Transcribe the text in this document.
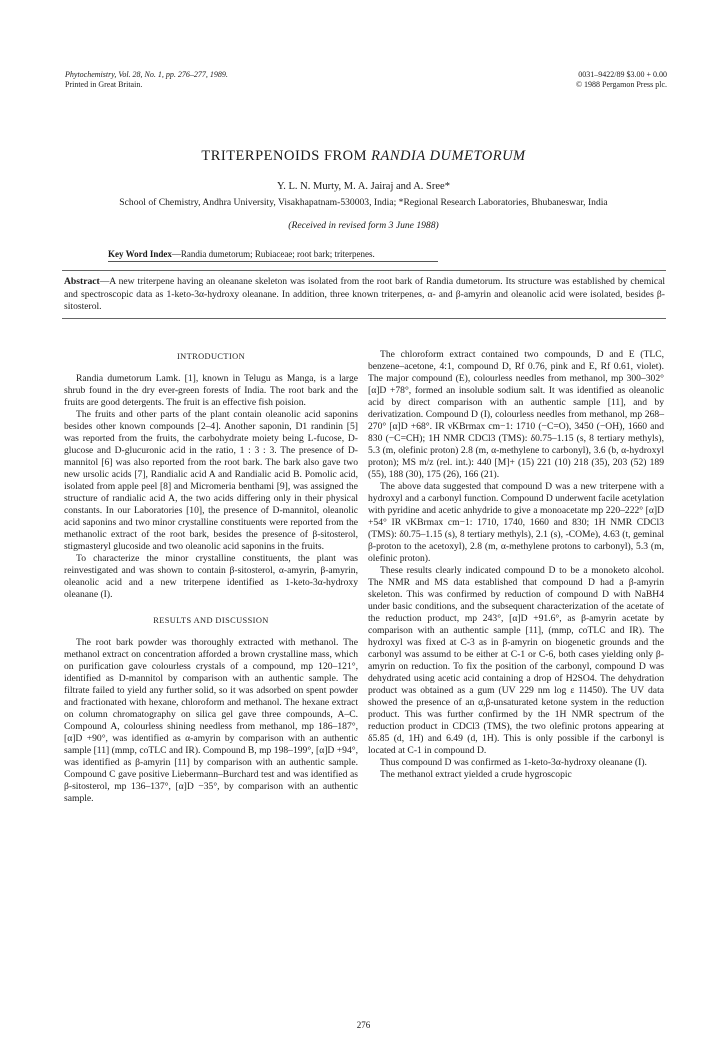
Phytochemistry, Vol. 28, No. 1, pp. 276–277, 1989.
Printed in Great Britain.
0031–9422/89 $3.00 + 0.00
© 1988 Pergamon Press plc.
TRITERPENOIDS FROM RANDIA DUMETORUM
Y. L. N. Murty, M. A. Jairaj and A. Sree*
School of Chemistry, Andhra University, Visakhapatnam-530003, India; *Regional Research Laboratories, Bhubaneswar, India
(Received in revised form 3 June 1988)
Key Word Index—Randia dumetorum; Rubiaceae; root bark; triterpenes.
Abstract—A new triterpene having an oleanane skeleton was isolated from the root bark of Randia dumetorum. Its structure was established by chemical and spectroscopic data as 1-keto-3α-hydroxy oleanane. In addition, three known triterpenes, α- and β-amyrin and oleanolic acid were isolated, besides β-sitosterol.
INTRODUCTION

Randia dumetorum Lamk. [1], known in Telugu as Manga, is a large shrub found in the dry ever-green forests of India. The root bark and the fruits are good detergents. The fruit is an effective fish poision.

The fruits and other parts of the plant contain oleanolic acid saponins besides other known compounds [2–4]. Another saponin, D1 randinin [5] was reported from the fruits, the carbohydrate moiety being L-fucose, D-glucose and D-glucuronic acid in the ratio, 1 : 3 : 3. The presence of D-mannitol [6] was also reported from the root bark. The bark also gave two new ursolic acids [7], Randialic acid A and Randialic acid B. Pomolic acid, isolated from apple peel [8] and Micromeria benthami [9], was assigned the structure of randialic acid A, the two acids differing only in their physical constants. In our Laboratories [10], the presence of D-mannitol, oleanolic acid saponins and two minor crystalline constituents were reported from the methanolic extract of the root bark, besides the presence of β-sitosterol, stigmasteryl glucoside and two oleanolic acid saponins in the fruits.

To characterize the minor crystalline constituents, the plant was reinvestigated and was shown to contain β-sitosterol, α-amyrin, β-amyrin, oleanolic acid and a new triterpene identified as 1-keto-3α-hydroxy oleanane (I).

RESULTS AND DISCUSSION

The root bark powder was thoroughly extracted with methanol. The methanol extract on concentration afforded a brown crystalline mass, which on purification gave colourless crystals of a compound, mp 120–121°, identified as D-mannitol by comparison with an authentic sample. The filtrate failed to yield any further solid, so it was adsorbed on spent powder and fractionated with hexane, chloroform and methanol. The hexane extract on column chromatography on silica gel gave three compounds, A–C. Compound A, colourless shining needless from methanol, mp 186–187°, [α]D +90°, was identified as α-amyrin by comparison with an authentic sample [11] (mmp, coTLC and IR). Compound B, mp 198–199°, [α]D +94°, was identified as β-amyrin [11] by comparison with an authentic sample. Compound C gave positive Liebermann–Burchard test and was identified as β-sitosterol, mp 136–137°, [α]D −35°, by comparison with an authentic sample.

The chloroform extract contained two compounds, D and E (TLC, benzene–acetone, 4:1, compound D, Rf 0.76, pink and E, Rf 0.61, violet). The major compound (E), colourless needles from methanol, mp 300–302° [α]D +78°, formed an insoluble sodium salt. It was identified as oleanolic acid by direct comparison with an authentic sample [11], and by derivatization. Compound D (I), colourless needles from methanol, mp 268–270° [α]D +68°. IR νKBrmax cm−1: 1710 (−C=O), 3450 (−OH), 1660 and 830 (−C=CH); 1H NMR CDCl3 (TMS): δ0.75–1.15 (s, 8 tertiary methyls), 5.3 (m, olefinic proton) 2.8 (m, α-methylene to carbonyl), 3.6 (b, α-hydroxyl proton); MS m/z (rel. int.): 440 [M]+ (15) 221 (10) 218 (35), 203 (52) 189 (55), 188 (30), 175 (26), 166 (21).

The above data suggested that compound D was a new triterpene with a hydroxyl and a carbonyl function. Compound D underwent facile acetylation with pyridine and acetic anhydride to give a monoacetate mp 220–222° [α]D +54° IR νKBrmax cm−1: 1710, 1740, 1660 and 830; 1H NMR CDCl3 (TMS): δ0.75–1.15 (s), 8 tertiary methyls), 2.1 (s), -COMe), 4.63 (t, geminal β-proton to the acetoxyl), 2.8 (m, α-methylene protons to carbonyl), 5.3 (m, olefinic proton).

These results clearly indicated compound D to be a monoketo alcohol. The NMR and MS data established that compound D had a β-amyrin skeleton. This was confirmed by reduction of compound D with NaBH4 under basic conditions, and the subsequent characterization of the acetate of the reduction product, mp 243°, [α]D +91.6°, as β-amyrin acetate by comparison with an authentic sample [11], (mmp, coTLC and IR). The hydroxyl was fixed at C-3 as in β-amyrin on biogenetic grounds and the carbonyl was assumd to be either at C-1 or C-6, both cases yielding only β-amyrin on reduction. To fix the position of the carbonyl, compound D was dehydrated using acetic acid containing a drop of H2SO4. The dehydration product was obtained as a gum (UV 229 nm log ε 11450). The UV data showed the presence of an α,β-unsaturated ketone system in the reduction product. This was further confirmed by the 1H NMR spectrum of the reduction product in CDCl3 (TMS), the two olefinic protons appearing at δ5.85 (d, 1H) and 6.49 (d, 1H). This is only possible if the carbonyl is located at C-1 in compound D.

Thus compound D was confirmed as 1-keto-3α-hydroxy oleanane (I).

The methanol extract yielded a crude hygroscopic

276
